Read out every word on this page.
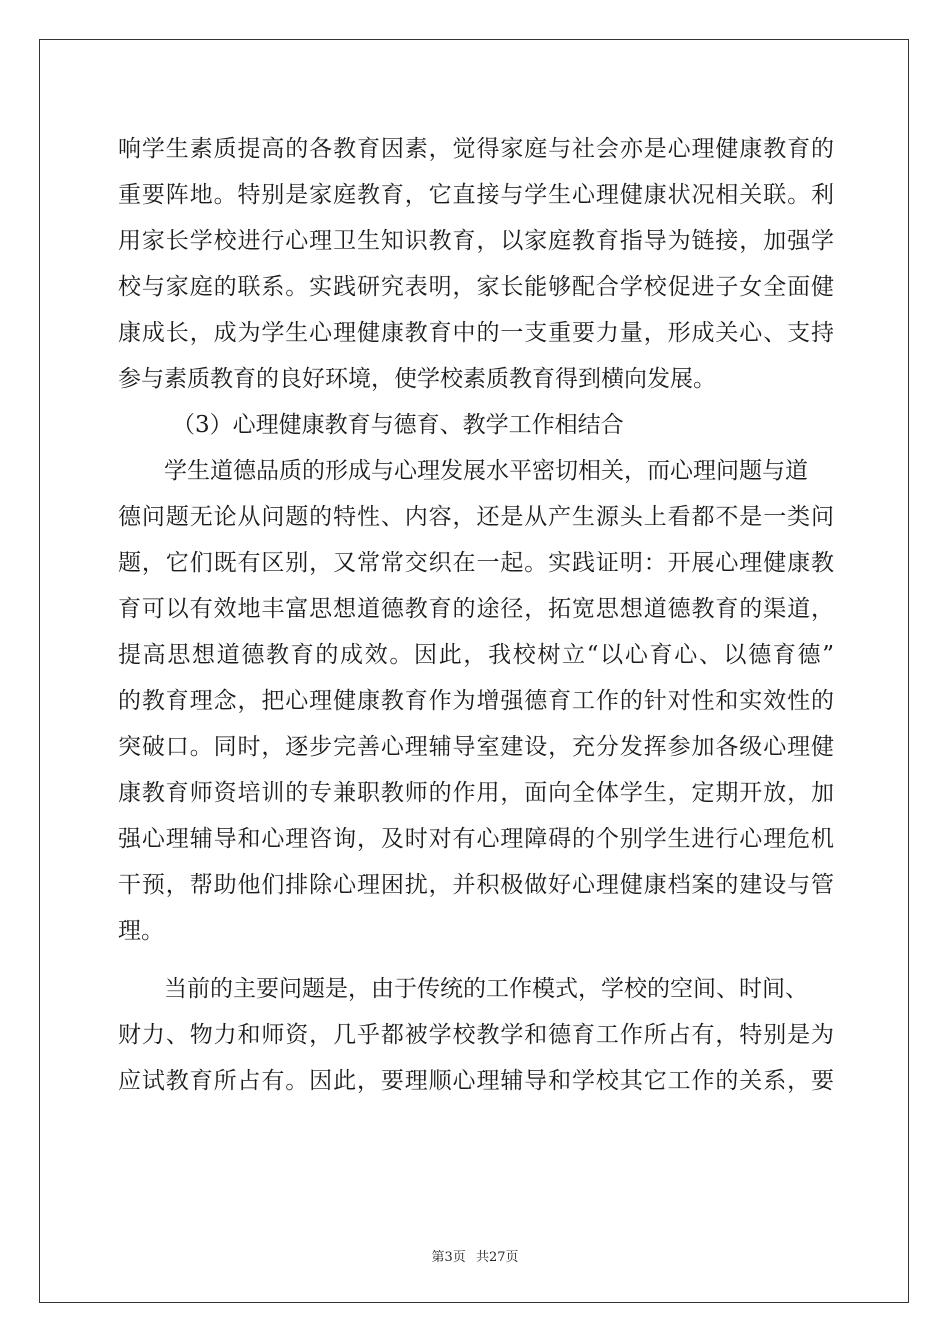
响学生素质提高的各教育因素，觉得家庭与社会亦是心理健康教育的
重要阵地。特别是家庭教育，它直接与学生心理健康状况相关联。利
用家长学校进行心理卫生知识教育，以家庭教育指导为链接，加强学
校与家庭的联系。实践研究表明，家长能够配合学校促进子女全面健
康成长，成为学生心理健康教育中的一支重要力量，形成关心、支持
参与素质教育的良好环境，使学校素质教育得到横向发展。
（3）心理健康教育与德育、教学工作相结合
学生道德品质的形成与心理发展水平密切相关，而心理问题与道
德问题无论从问题的特性、内容，还是从产生源头上看都不是一类问
题，它们既有区别，又常常交织在一起。实践证明：开展心理健康教
育可以有效地丰富思想道德教育的途径，拓宽思想道德教育的渠道，
提高思想道德教育的成效。因此，我校树立“以心育心、以德育德”
的教育理念，把心理健康教育作为增强德育工作的针对性和实效性的
突破口。同时，逐步完善心理辅导室建设，充分发挥参加各级心理健
康教育师资培训的专兼职教师的作用，面向全体学生，定期开放，加
强心理辅导和心理咨询，及时对有心理障碍的个别学生进行心理危机
干预，帮助他们排除心理困扰，并积极做好心理健康档案的建设与管
理。
当前的主要问题是，由于传统的工作模式，学校的空间、时间、
财力、物力和师资，几乎都被学校教学和德育工作所占有，特别是为
应试教育所占有。因此，要理顺心理辅导和学校其它工作的关系，要
第3页 共27页
